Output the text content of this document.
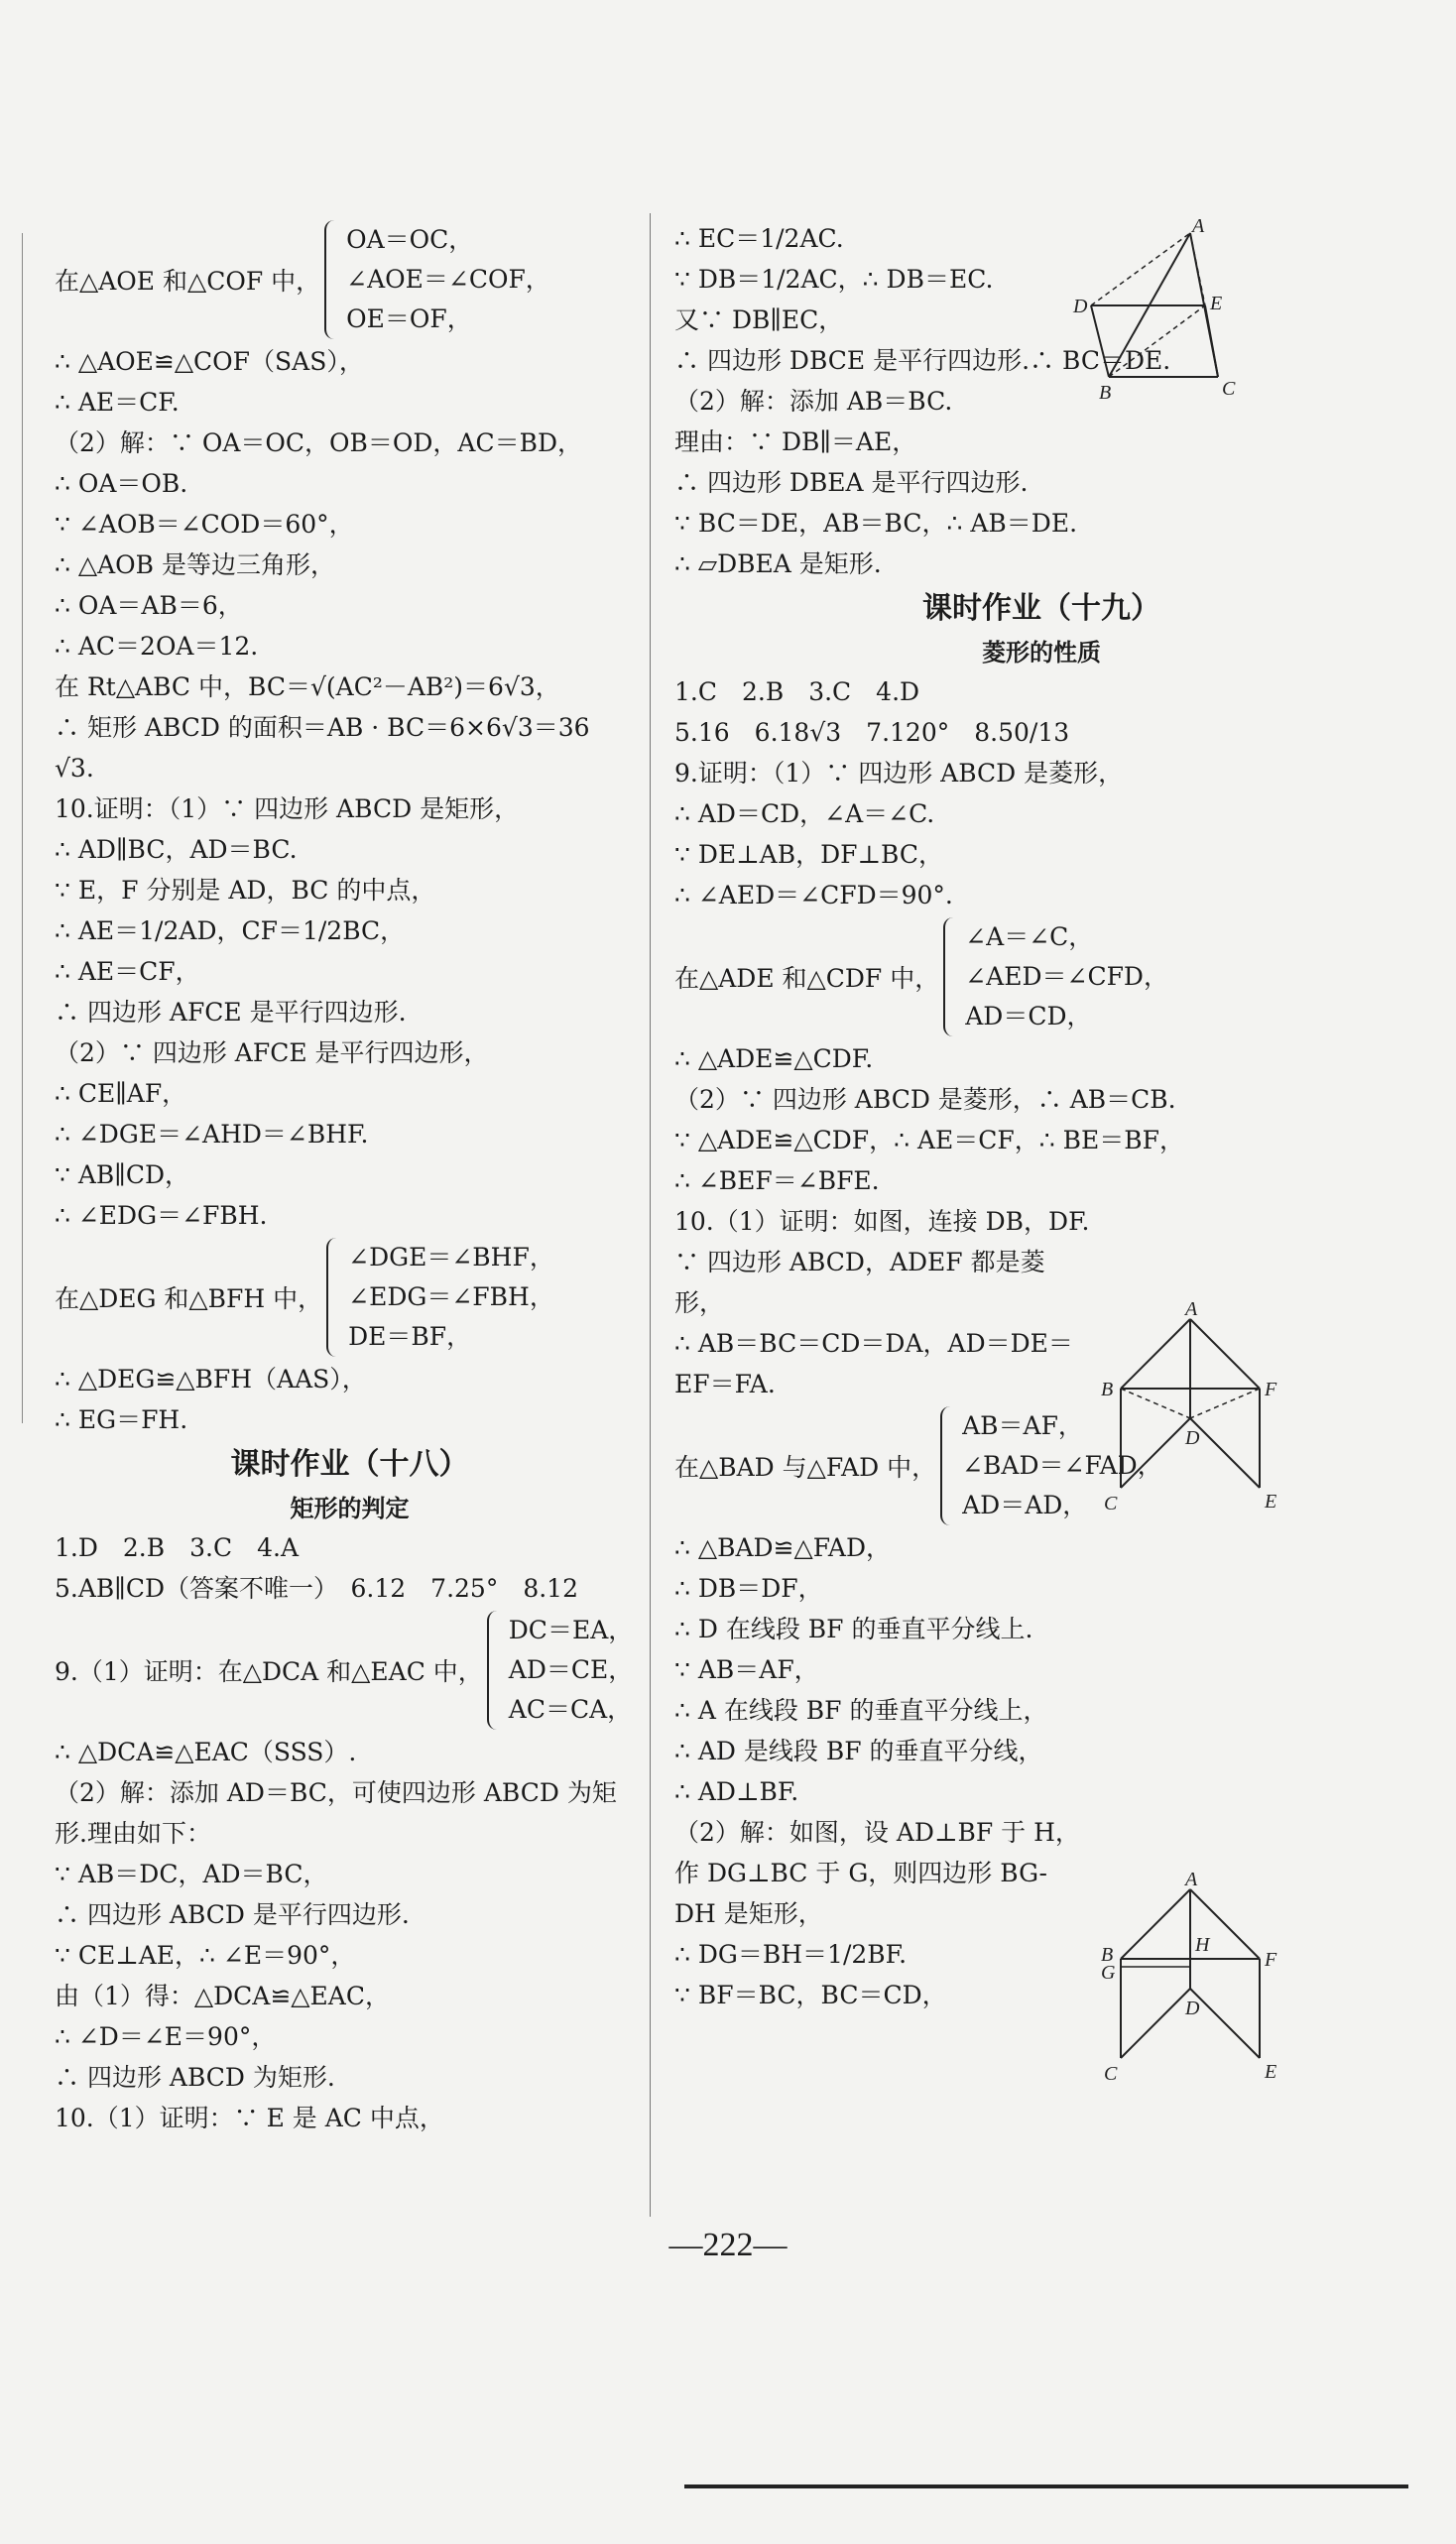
在△AOE 和△COF 中，
OA＝OC，
∠AOE＝∠COF，
OE＝OF，
∴ △AOE≌△COF（SAS），
∴ AE＝CF.
（2）解：∵ OA＝OC，OB＝OD，AC＝BD，
∴ OA＝OB.
∵ ∠AOB＝∠COD＝60°，
∴ △AOB 是等边三角形，
∴ OA＝AB＝6，
∴ AC＝2OA＝12.
在 Rt△ABC 中，BC＝√(AC²－AB²)＝6√3，
∴ 矩形 ABCD 的面积＝AB · BC＝6×6√3＝36
√3.
10.证明：（1）∵ 四边形 ABCD 是矩形，
∴ AD∥BC，AD＝BC.
∵ E，F 分别是 AD，BC 的中点，
∴ AE＝1/2AD，CF＝1/2BC，
∴ AE＝CF，
∴ 四边形 AFCE 是平行四边形.
（2）∵ 四边形 AFCE 是平行四边形，
∴ CE∥AF，
∴ ∠DGE＝∠AHD＝∠BHF.
∵ AB∥CD，
∴ ∠EDG＝∠FBH.
在△DEG 和△BFH 中，
∠DGE＝∠BHF，
∠EDG＝∠FBH，
DE＝BF，
∴ △DEG≌△BFH（AAS），
∴ EG＝FH.
课时作业（十八）
矩形的判定
1.D　2.B　3.C　4.A
5.AB∥CD（答案不唯一）　6.12　7.25°　8.12
9.（1）证明：在△DCA 和△EAC 中，
DC＝EA，
AD＝CE，
AC＝CA，
∴ △DCA≌△EAC（SSS）.
（2）解：添加 AD＝BC，可使四边形 ABCD 为矩
形.理由如下：
∵ AB＝DC，AD＝BC，
∴ 四边形 ABCD 是平行四边形.
∵ CE⊥AE，∴ ∠E＝90°，
由（1）得：△DCA≌△EAC，
∴ ∠D＝∠E＝90°，
∴ 四边形 ABCD 为矩形.
10.（1）证明：∵ E 是 AC 中点，
∴ EC＝1/2AC.
∵ DB＝1/2AC，∴ DB＝EC.
又∵ DB∥EC，
∴ 四边形 DBCE 是平行四边形.∴ BC＝DE.
（2）解：添加 AB＝BC.
理由：∵ DB∥＝AE，
∴ 四边形 DBEA 是平行四边形.
∵ BC＝DE，AB＝BC，∴ AB＝DE.
∴ ▱DBEA 是矩形.
课时作业（十九）
菱形的性质
1.C　2.B　3.C　4.D
5.16　6.18√3　7.120°　8.50/13
9.证明：（1）∵ 四边形 ABCD 是菱形，
∴ AD＝CD，∠A＝∠C.
∵ DE⊥AB，DF⊥BC，
∴ ∠AED＝∠CFD＝90°.
在△ADE 和△CDF 中，
∠A＝∠C，
∠AED＝∠CFD，
AD＝CD，
∴ △ADE≌△CDF.
（2）∵ 四边形 ABCD 是菱形，∴ AB＝CB.
∵ △ADE≌△CDF，∴ AE＝CF，∴ BE＝BF，
∴ ∠BEF＝∠BFE.
10.（1）证明：如图，连接 DB，DF.
∵ 四边形 ABCD，ADEF 都是菱
形，
∴ AB＝BC＝CD＝DA，AD＝DE＝
EF＝FA.
在△BAD 与△FAD 中，
AB＝AF，
∠BAD＝∠FAD，
AD＝AD，
∴ △BAD≌△FAD，
∴ DB＝DF，
∴ D 在线段 BF 的垂直平分线上.
∵ AB＝AF，
∴ A 在线段 BF 的垂直平分线上，
∴ AD 是线段 BF 的垂直平分线，
∴ AD⊥BF.
（2）解：如图，设 AD⊥BF 于 H，
作 DG⊥BC 于 G，则四边形 BG-
DH 是矩形，
∴ DG＝BH＝1/2BF.
∵ BF＝BC，BC＝CD，
A
D	E
B	C
A
B	F
D
C	E
A
H
B
G
F
D
C	E
—222—
